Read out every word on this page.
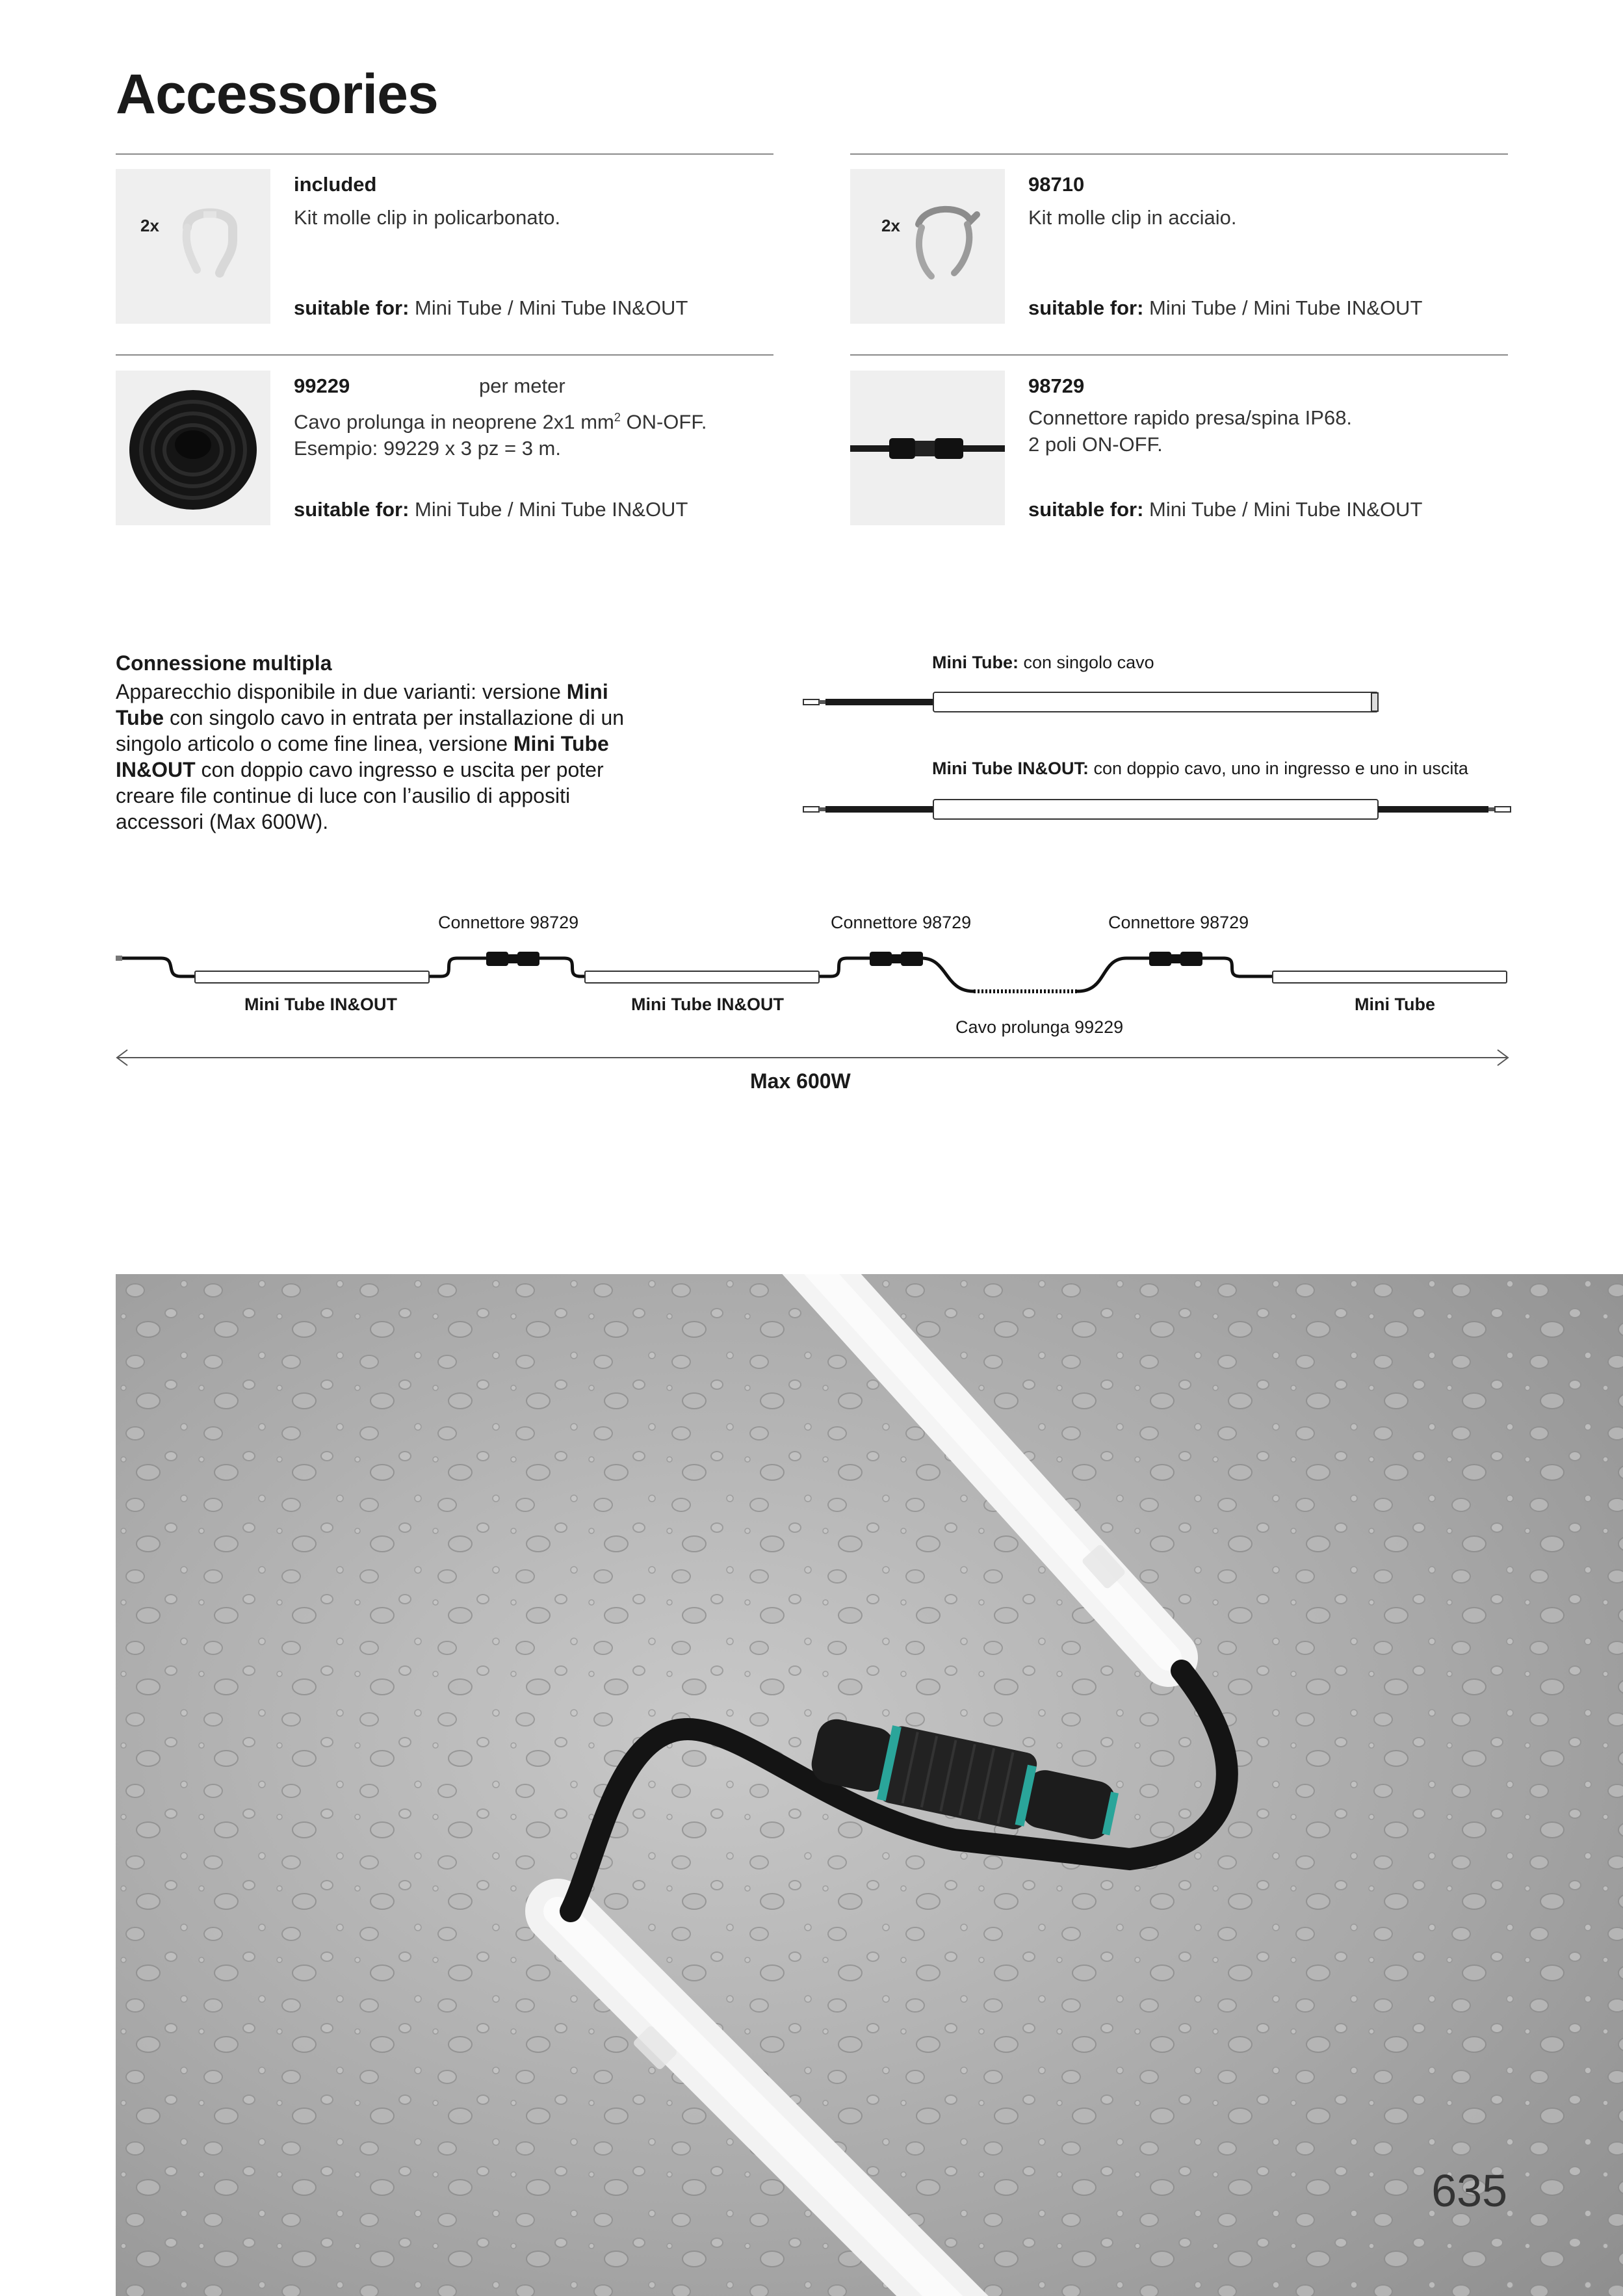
Accessories
2x
included
Kit molle clip in policarbonato.
suitable for: Mini Tube / Mini Tube IN&OUT
2x
98710
Kit molle clip in acciaio.
suitable for: Mini Tube / Mini Tube IN&OUT
99229	per meter
Cavo prolunga in neoprene 2x1 $mm^2$ ON-OFF.
Esempio: 99229 x 3 pz = 3 m.
suitable for: Mini Tube / Mini Tube IN&OUT
98729
Connettore rapido presa/spina IP68.
2 poli ON-OFF.
suitable for: Mini Tube / Mini Tube IN&OUT
Connessione multipla
Apparecchio disponibile in due varianti: versione Mini Tube con singolo cavo in entrata per installazione di un singolo articolo o come fine linea, versione Mini Tube IN&OUT con doppio cavo ingresso e uscita per poter creare file continue di luce con l’ausilio di appositi accessori (Max 600W).
Mini Tube: con singolo cavo
Mini Tube IN&OUT: con doppio cavo, uno in ingresso e uno in uscita
Connettore 98729	Connettore 98729	Connettore 98729
Mini Tube IN&OUT	Mini Tube IN&OUT	Mini Tube
Cavo prolunga 99229
Max 600W
635
